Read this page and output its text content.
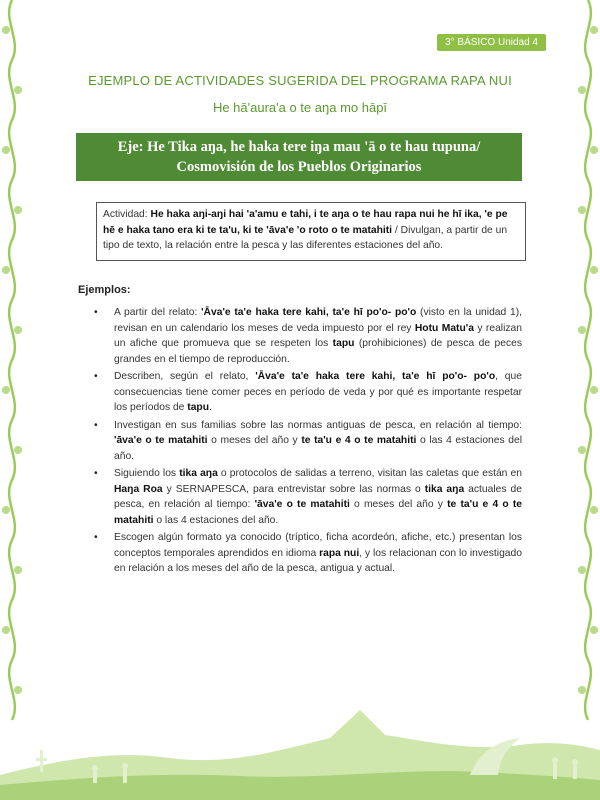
3° BÁSICO Unidad 4
EJEMPLO DE ACTIVIDADES SUGERIDA DEL PROGRAMA RAPA NUI
He hā'aura'a o te aŋa mo hāpī
Eje: He Tika aŋa, he haka tere iŋa mau 'ā o te hau tupuna/
Cosmovisión de los Pueblos Originarios
Actividad: He haka aŋi-aŋi hai 'a'amu e tahi, i te aŋa o te hau rapa nui he hī ika, 'e pe hē e haka tano era ki te ta'u, ki te 'āva'e 'o roto o te matahiti / Divulgan, a partir de un tipo de texto, la relación entre la pesca y las diferentes estaciones del año.
Ejemplos:
• A partir del relato: 'Āva'e ta'e haka tere kahi, ta'e hī po'o- po'o (visto en la unidad 1), revisan en un calendario los meses de veda impuesto por el rey Hotu Matu'a y realizan un afiche que promueva que se respeten los tapu (prohibiciones) de pesca de peces grandes en el tiempo de reproducción.
• Describen, según el relato, 'Āva'e ta'e haka tere kahi, ta'e hī po'o- po'o, que consecuencias tiene comer peces en período de veda y por qué es importante respetar los períodos de tapu.
• Investigan en sus familias sobre las normas antiguas de pesca, en relación al tiempo: 'āva'e o te matahiti o meses del año y te ta'u e 4 o te matahiti o las 4 estaciones del año.
• Siguiendo los tika aŋa o protocolos de salidas a terreno, visitan las caletas que están en Haŋa Roa y SERNAPESCA, para entrevistar sobre las normas o tika aŋa actuales de pesca, en relación al tiempo: 'āva'e o te matahiti o meses del año y te ta'u e 4 o te matahiti o las 4 estaciones del año.
• Escogen algún formato ya conocido (tríptico, ficha acordeón, afiche, etc.) presentan los conceptos temporales aprendidos en idioma rapa nui, y los relacionan con lo investigado en relación a los meses del año de la pesca, antigua y actual.
